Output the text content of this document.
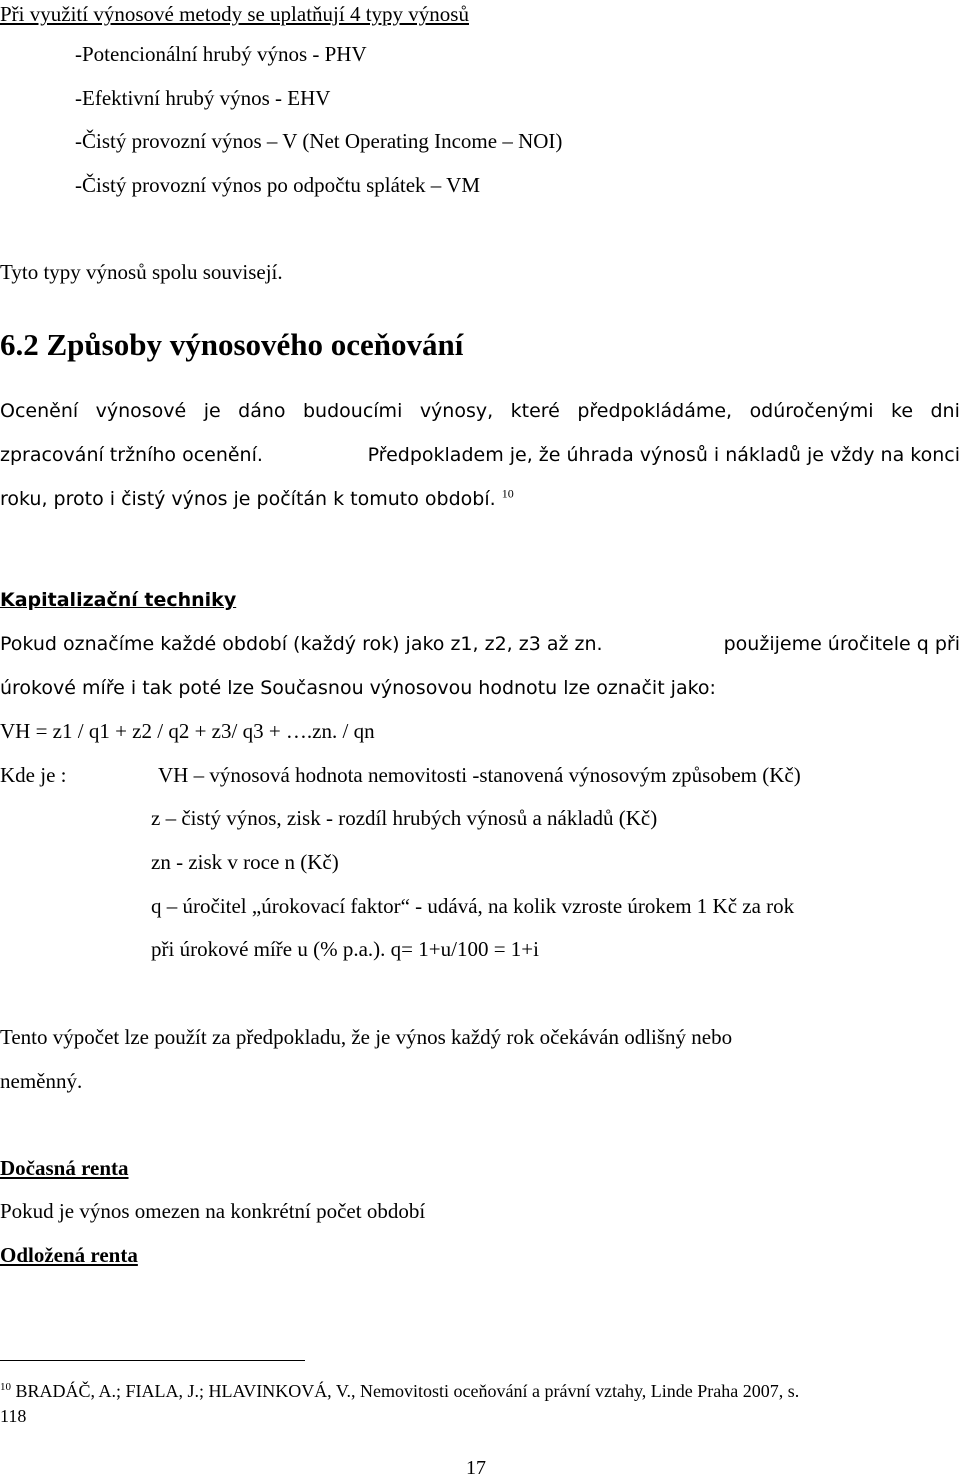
Při využití výnosové metody se uplatňují 4 typy výnosů

-Potencionální hrubý výnos - PHV

-Efektivní hrubý výnos - EHV

-Čistý provozní výnos – V (Net Operating Income – NOI)

-Čistý provozní výnos po odpočtu splátek – VM

Tyto typy výnosů spolu souvisejí.

6.2 Způsoby výnosového oceňování

Ocenění výnosové je dáno budoucími výnosy, které předpokládáme, odúročenými ke dni

zpracování tržního ocenění.	Předpokladem je, že úhrada výnosů i nákladů je vždy na konci

roku, proto i čistý výnos je počítán k tomuto období. $^{10}$

Kapitalizační techniky

Pokud označíme každé období (každý rok) jako z1, z2, z3 až zn.	použijeme úročitele q při

úrokové míře i tak poté lze Současnou výnosovou hodnotu lze označit jako:

VH = z1 / q1 + z2 / q2 + z3/ q3 + ….zn. / qn

Kde je :	VH – výnosová hodnota nemovitosti -stanovená výnosovým způsobem (Kč)

z – čistý výnos, zisk - rozdíl hrubých výnosů a nákladů (Kč)

zn - zisk v roce n (Kč)

q – úročitel „úrokovací faktor“ - udává, na kolik vzroste úrokem 1 Kč za rok

při úrokové míře u (% p.a.). q= 1+u/100 = 1+i

Tento výpočet lze použít za předpokladu, že je výnos každý rok očekáván odlišný nebo

neměnný.

Dočasná renta

Pokud je výnos omezen na konkrétní počet období

Odložená renta

$^{10}$ BRADÁČ, A.; FIALA, J.; HLAVINKOVÁ, V., Nemovitosti oceňování a právní vztahy, Linde Praha 2007, s.

118

17
